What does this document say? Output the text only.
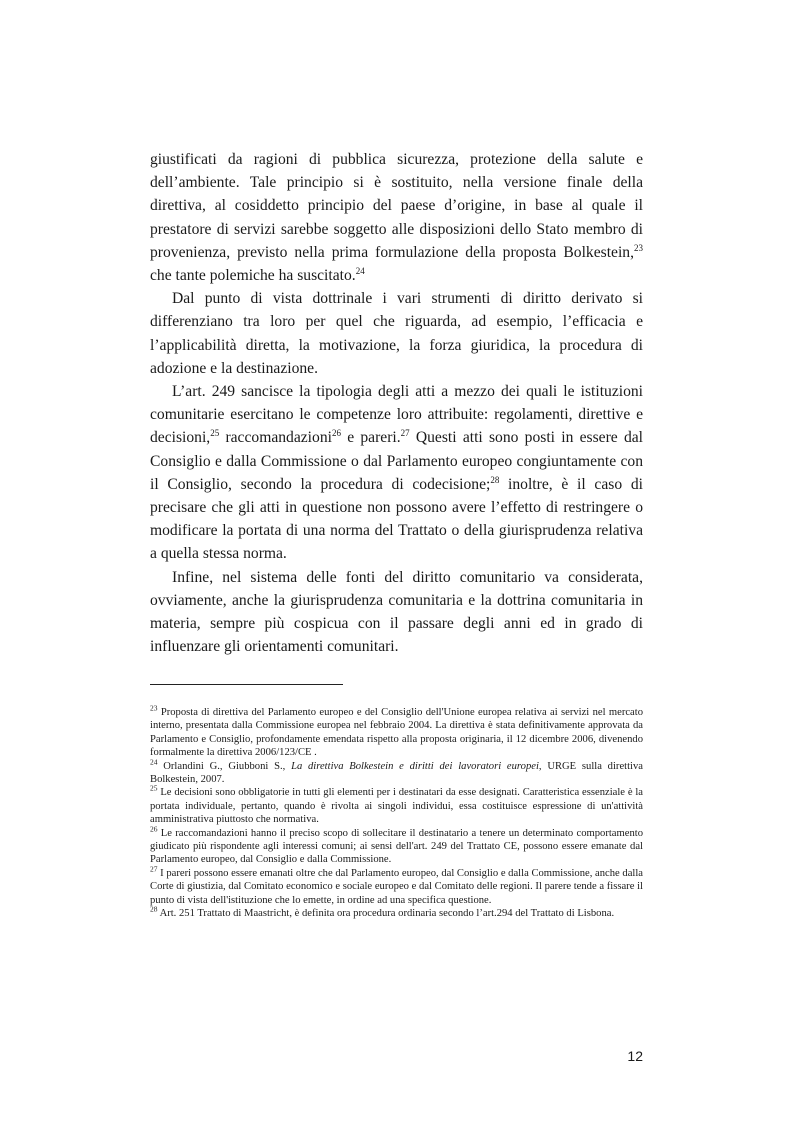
giustificati da ragioni di pubblica sicurezza, protezione della salute e dell’ambiente. Tale principio si è sostituito, nella versione finale della direttiva, al cosiddetto principio del paese d’origine, in base al quale il prestatore di servizi sarebbe soggetto alle disposizioni dello Stato membro di provenienza, previsto nella prima formulazione della proposta Bolkestein,$^{23}$ che tante polemiche ha suscitato.$^{24}$

Dal punto di vista dottrinale i vari strumenti di diritto derivato si differenziano tra loro per quel che riguarda, ad esempio, l’efficacia e l’applicabilità diretta, la motivazione, la forza giuridica, la procedura di adozione e la destinazione.

L’art. 249 sancisce la tipologia degli atti a mezzo dei quali le istituzioni comunitarie esercitano le competenze loro attribuite: regolamenti, direttive e decisioni,$^{25}$ raccomandazioni$^{26}$ e pareri.$^{27}$ Questi atti sono posti in essere dal Consiglio e dalla Commissione o dal Parlamento europeo congiuntamente con il Consiglio, secondo la procedura di codecisione;$^{28}$ inoltre, è il caso di precisare che gli atti in questione non possono avere l’effetto di restringere o modificare la portata di una norma del Trattato o della giurisprudenza relativa a quella stessa norma.

Infine, nel sistema delle fonti del diritto comunitario va considerata, ovviamente, anche la giurisprudenza comunitaria e la dottrina comunitaria in materia, sempre più cospicua con il passare degli anni ed in grado di influenzare gli orientamenti comunitari.

$^{23}$ Proposta di direttiva del Parlamento europeo e del Consiglio dell'Unione europea relativa ai servizi nel mercato interno, presentata dalla Commissione europea nel febbraio 2004. La direttiva è stata definitivamente approvata da Parlamento e Consiglio, profondamente emendata rispetto alla proposta originaria, il 12 dicembre 2006, divenendo formalmente la direttiva 2006/123/CE .

$^{24}$ Orlandini G., Giubboni S., La direttiva Bolkestein e diritti dei lavoratori europei, URGE sulla direttiva Bolkestein, 2007.

$^{25}$ Le decisioni sono obbligatorie in tutti gli elementi per i destinatari da esse designati. Caratteristica essenziale è la portata individuale, pertanto, quando è rivolta ai singoli individui, essa costituisce espressione di un'attività amministrativa piuttosto che normativa.

$^{26}$ Le raccomandazioni hanno il preciso scopo di sollecitare il destinatario a tenere un determinato comportamento giudicato più rispondente agli interessi comuni; ai sensi dell'art. 249 del Trattato CE, possono essere emanate dal Parlamento europeo, dal Consiglio e dalla Commissione.

$^{27}$ I pareri possono essere emanati oltre che dal Parlamento europeo, dal Consiglio e dalla Commissione, anche dalla Corte di giustizia, dal Comitato economico e sociale europeo e dal Comitato delle regioni. Il parere tende a fissare il punto di vista dell'istituzione che lo emette, in ordine ad una specifica questione.

$^{28}$ Art. 251 Trattato di Maastricht, è definita ora procedura ordinaria secondo l’art.294 del Trattato di Lisbona.

12
